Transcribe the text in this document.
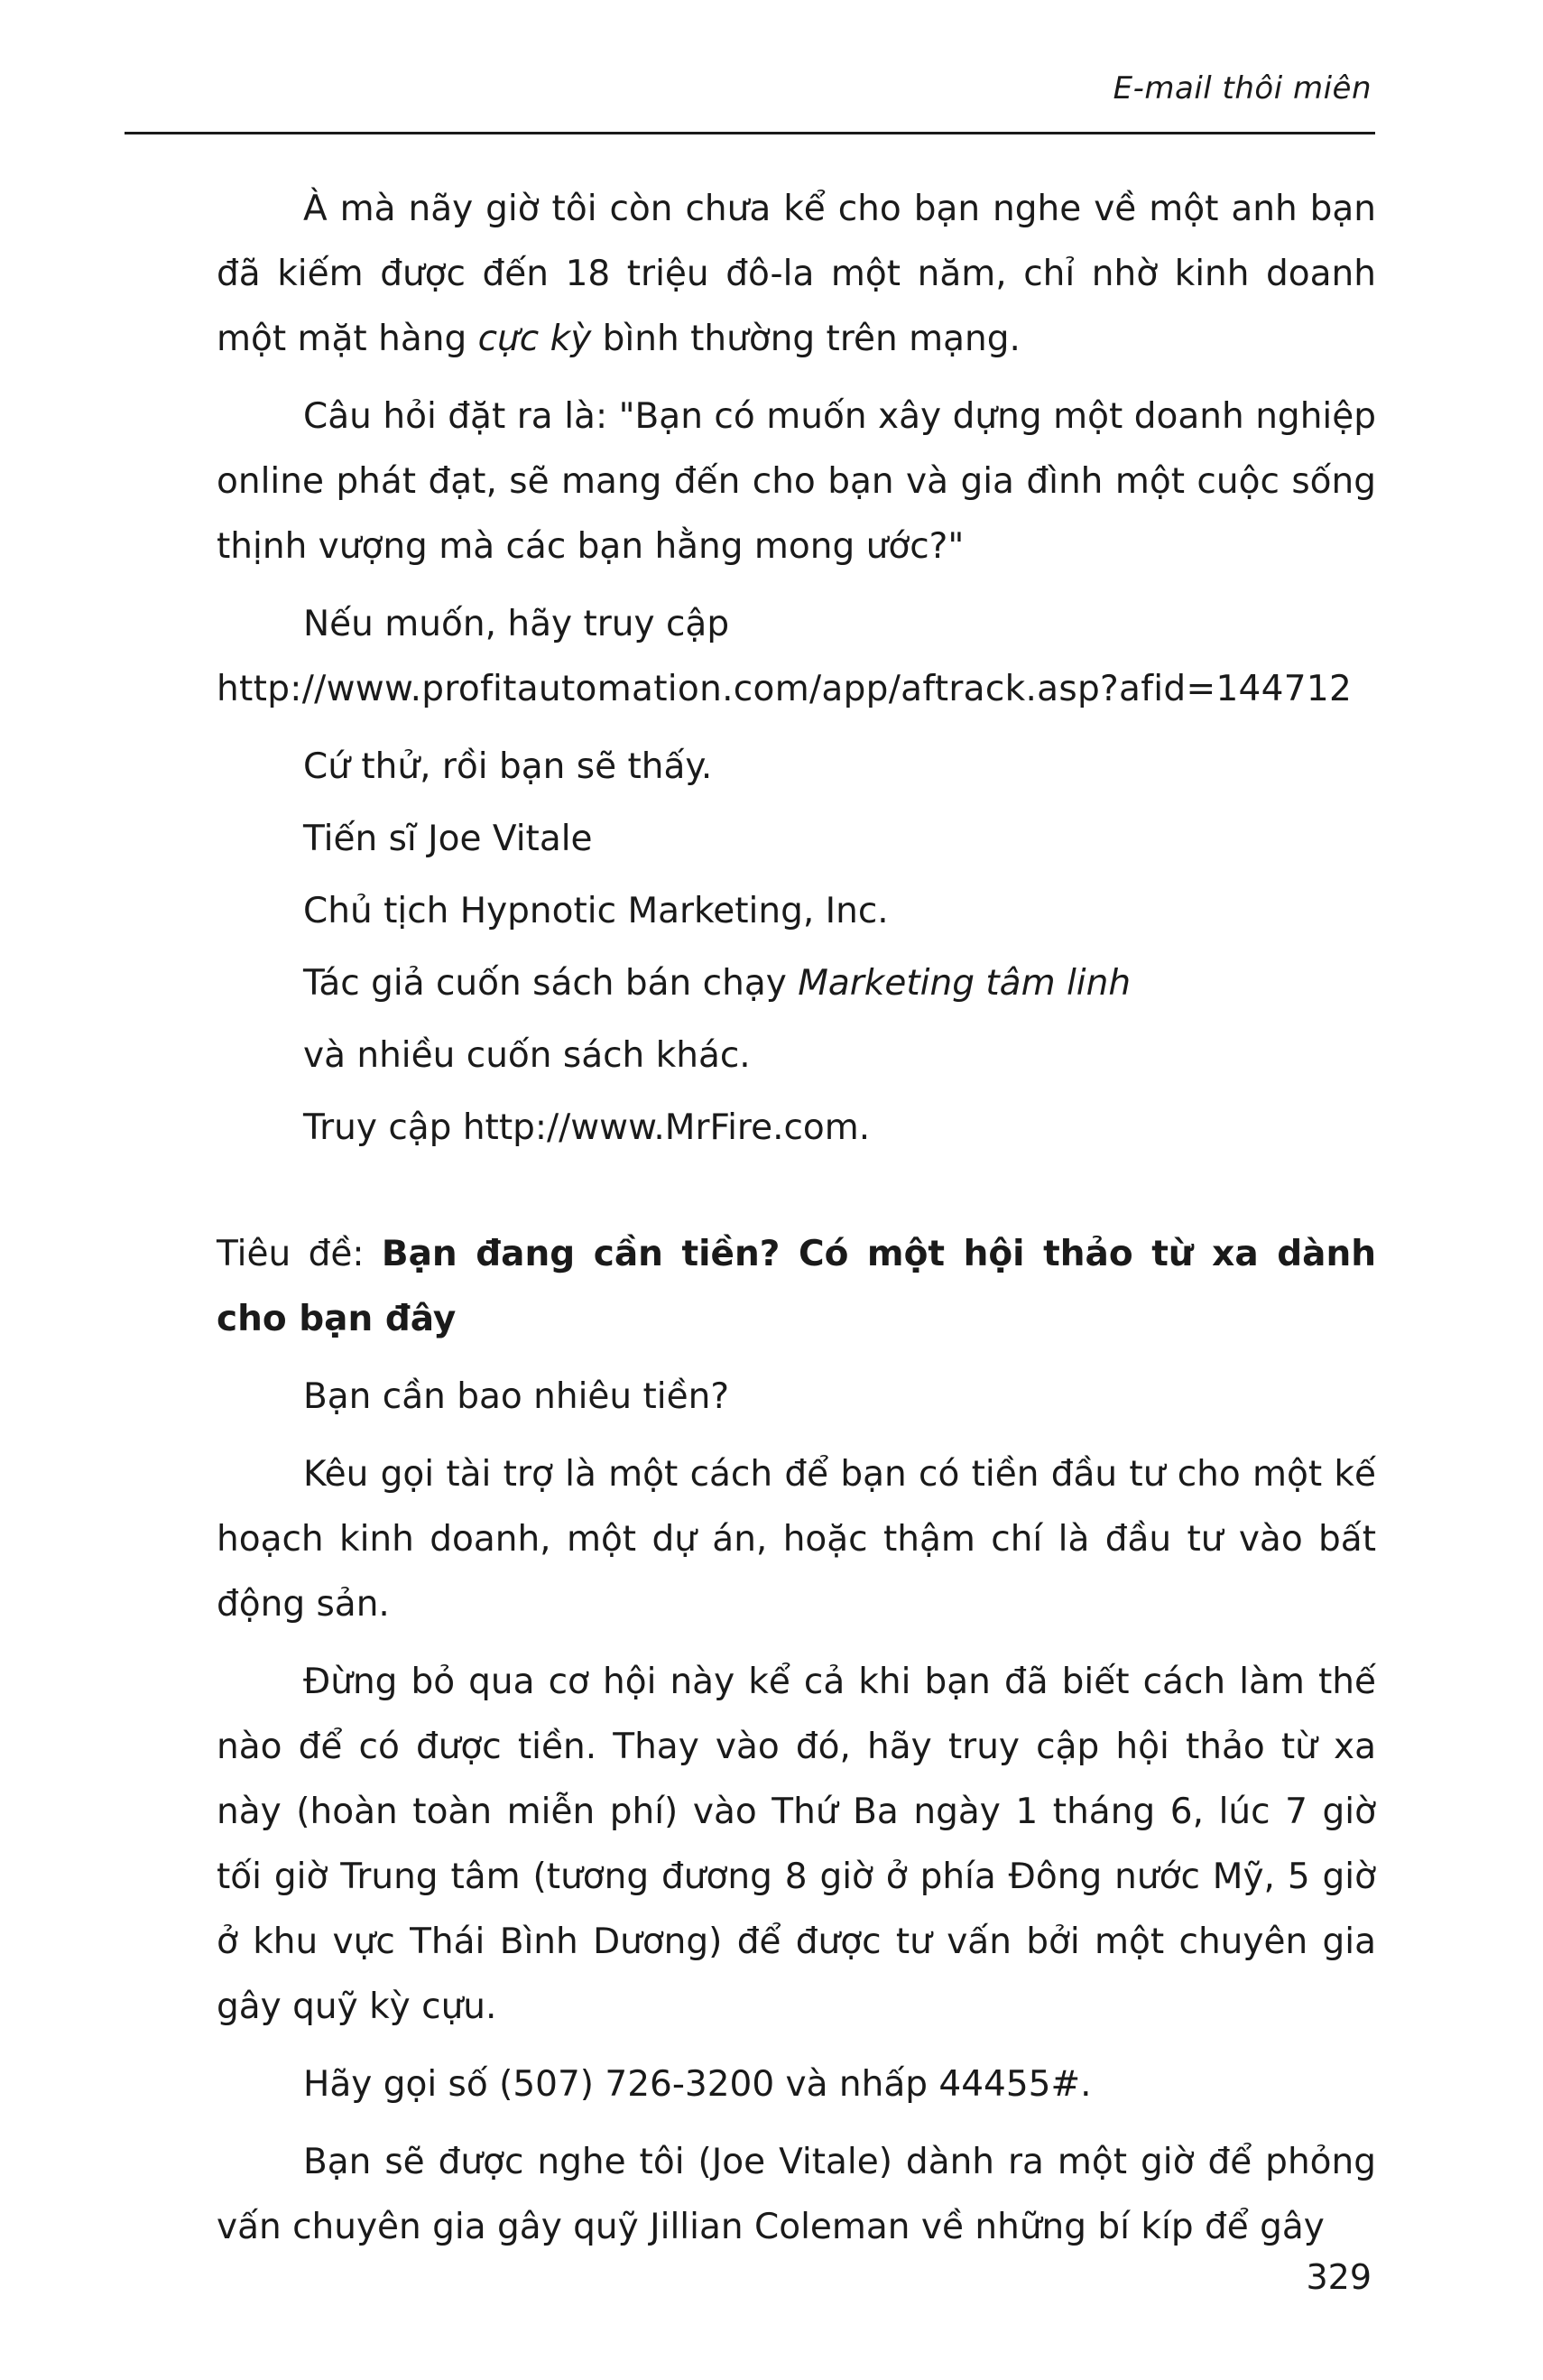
E-mail thôi miên

À mà nãy giờ tôi còn chưa kể cho bạn nghe về một anh bạn đã kiếm được đến 18 triệu đô-la một năm, chỉ nhờ kinh doanh một mặt hàng cực kỳ bình thường trên mạng.

Câu hỏi đặt ra là: "Bạn có muốn xây dựng một doanh nghiệp online phát đạt, sẽ mang đến cho bạn và gia đình một cuộc sống thịnh vượng mà các bạn hằng mong ước?"

Nếu muốn, hãy truy cập

http://www.profitautomation.com/app/aftrack.asp?afid=144712

Cứ thử, rồi bạn sẽ thấy.

Tiến sĩ Joe Vitale

Chủ tịch Hypnotic Marketing, Inc.

Tác giả cuốn sách bán chạy Marketing tâm linh

và nhiều cuốn sách khác.

Truy cập http://www.MrFire.com.

Tiêu đề: Bạn đang cần tiền? Có một hội thảo từ xa dành cho bạn đây

Bạn cần bao nhiêu tiền?

Kêu gọi tài trợ là một cách để bạn có tiền đầu tư cho một kế hoạch kinh doanh, một dự án, hoặc thậm chí là đầu tư vào bất động sản.

Đừng bỏ qua cơ hội này kể cả khi bạn đã biết cách làm thế nào để có được tiền. Thay vào đó, hãy truy cập hội thảo từ xa này (hoàn toàn miễn phí) vào Thứ Ba ngày 1 tháng 6, lúc 7 giờ tối giờ Trung tâm (tương đương 8 giờ ở phía Đông nước Mỹ, 5 giờ ở khu vực Thái Bình Dương) để được tư vấn bởi một chuyên gia gây quỹ kỳ cựu.

Hãy gọi số (507) 726-3200 và nhấp 44455#.

Bạn sẽ được nghe tôi (Joe Vitale) dành ra một giờ để phỏng vấn chuyên gia gây quỹ Jillian Coleman về những bí kíp để gây

329
